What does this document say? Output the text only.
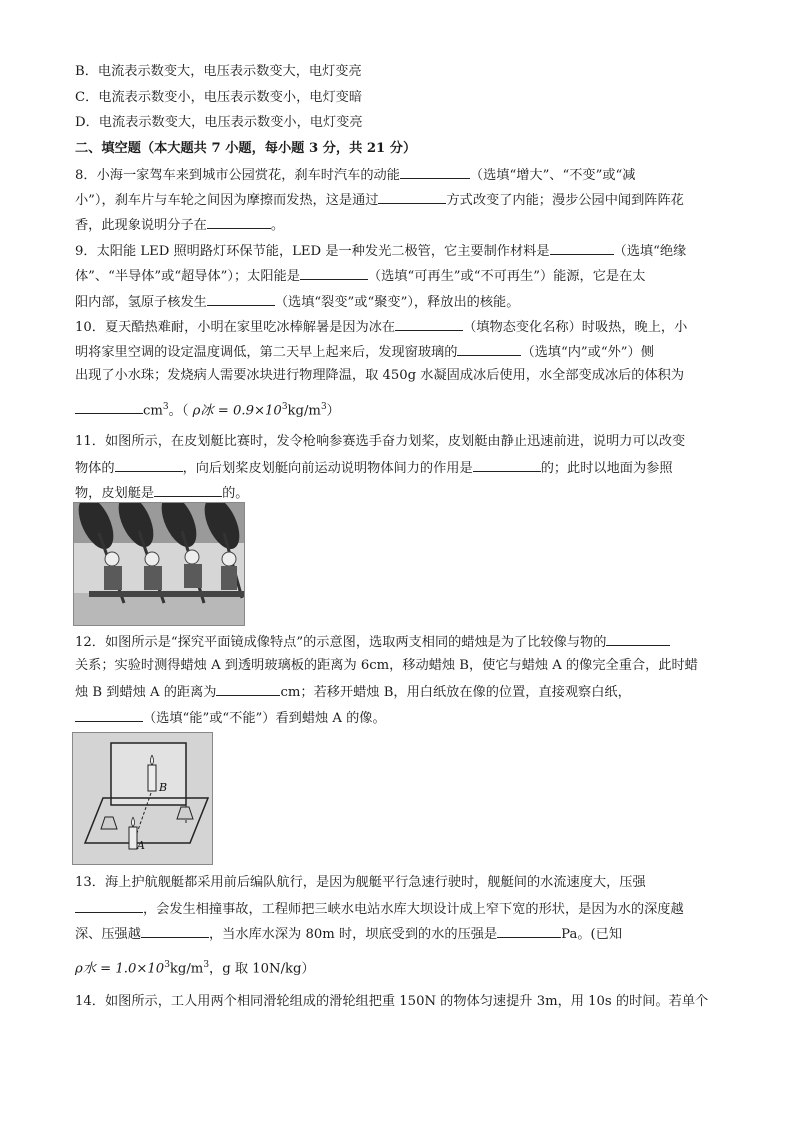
B．电流表示数变大，电压表示数变大，电灯变亮
C．电流表示数变小，电压表示数变小，电灯变暗
D．电流表示数变大，电压表示数变小，电灯变亮
二、填空题（本大题共 7 小题，每小题 3 分，共 21 分）
8．小海一家驾车来到城市公园赏花，刹车时汽车的动能	（选填“增大”、“不变”或“减
小”），刹车片与车轮之间因为摩擦而发热，这是通过	方式改变了内能；漫步公园中闻到阵阵花
香，此现象说明分子在	。
9．太阳能 LED 照明路灯环保节能，LED 是一种发光二极管，它主要制作材料是	（选填“绝缘
体”、“半导体”或“超导体”）；太阳能是	（选填“可再生”或“不可再生”）能源，它是在太
阳内部，氢原子核发生	（选填“裂变”或“聚变”），释放出的核能。
10．夏天酷热难耐，小明在家里吃冰棒解暑是因为冰在	（填物态变化名称）时吸热，晚上，小
明将家里空调的设定温度调低，第二天早上起来后，发现窗玻璃的	（选填“内”或“外”）侧
出现了小水珠；发烧病人需要冰块进行物理降温，取 450g 水凝固成冰后使用，水全部变成冰后的体积为
$cm^3$。（ ρ冰 = $0.9\times 10^3kg/m^3$）
11．如图所示，在皮划艇比赛时，发令枪响参赛选手奋力划桨，皮划艇由静止迅速前进，说明力可以改变
物体的	，向后划桨皮划艇向前运动说明物体间力的作用是	的；此时以地面为参照
物，皮划艇是	的。
12．如图所示是“探究平面镜成像特点”的示意图，选取两支相同的蜡烛是为了比较像与物的
关系；实验时测得蜡烛 A 到透明玻璃板的距离为 6cm，移动蜡烛 B，使它与蜡烛 A 的像完全重合，此时蜡
烛 B 到蜡烛 A 的距离为	cm；若移开蜡烛 B，用白纸放在像的位置，直接观察白纸，
（选填“能”或“不能”）看到蜡烛 A 的像。
B
A
13．海上护航舰艇都采用前后编队航行，是因为舰艇平行急速行驶时，舰艇间的水流速度大，压强
，会发生相撞事故，工程师把三峡水电站水库大坝设计成上窄下宽的形状，是因为水的深度越
深、压强越	，当水库水深为 80m 时，坝底受到的水的压强是	Pa。(已知
ρ水 = $1.0\times 10^3kg/m^3$，g 取 10N/kg）
14．如图所示，工人用两个相同滑轮组成的滑轮组把重 150N 的物体匀速提升 3m，用 10s 的时间。若单个
